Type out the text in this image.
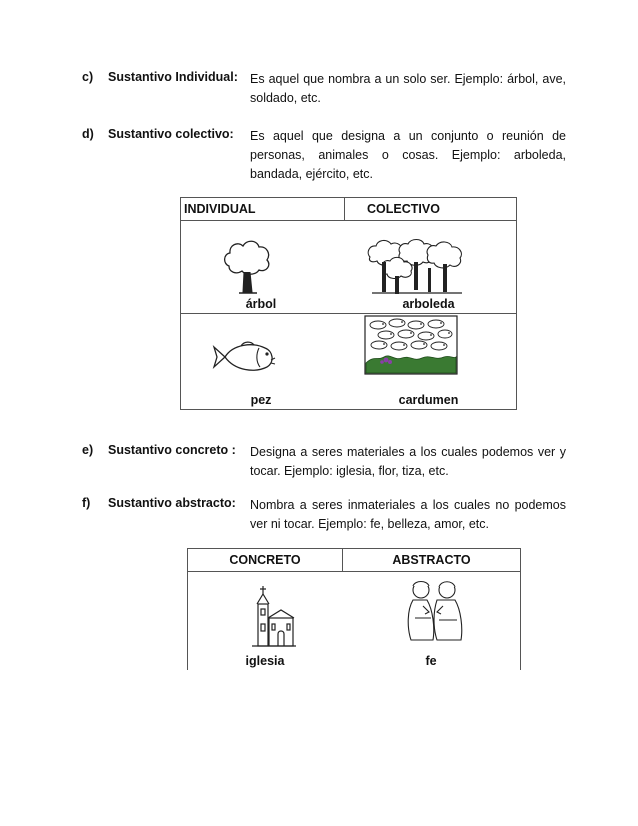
c) Sustantivo Individual: Es aquel que nombra a un solo ser. Ejemplo: árbol, ave, soldado, etc.
d) Sustantivo colectivo: Es aquel que designa a un conjunto o reunión de personas, animales o cosas. Ejemplo: arboleda, bandada, ejército, etc.
INDIVIDUAL	COLECTIVO

árbol	arboleda

pez	cardumen
e) Sustantivo concreto : Designa a seres materiales a los cuales podemos ver y tocar. Ejemplo: iglesia, flor, tiza, etc.
f) Sustantivo abstracto: Nombra a seres inmateriales a los cuales no podemos ver ni tocar. Ejemplo: fe, belleza, amor, etc.
CONCRETO	ABSTRACTO

iglesia	fe
